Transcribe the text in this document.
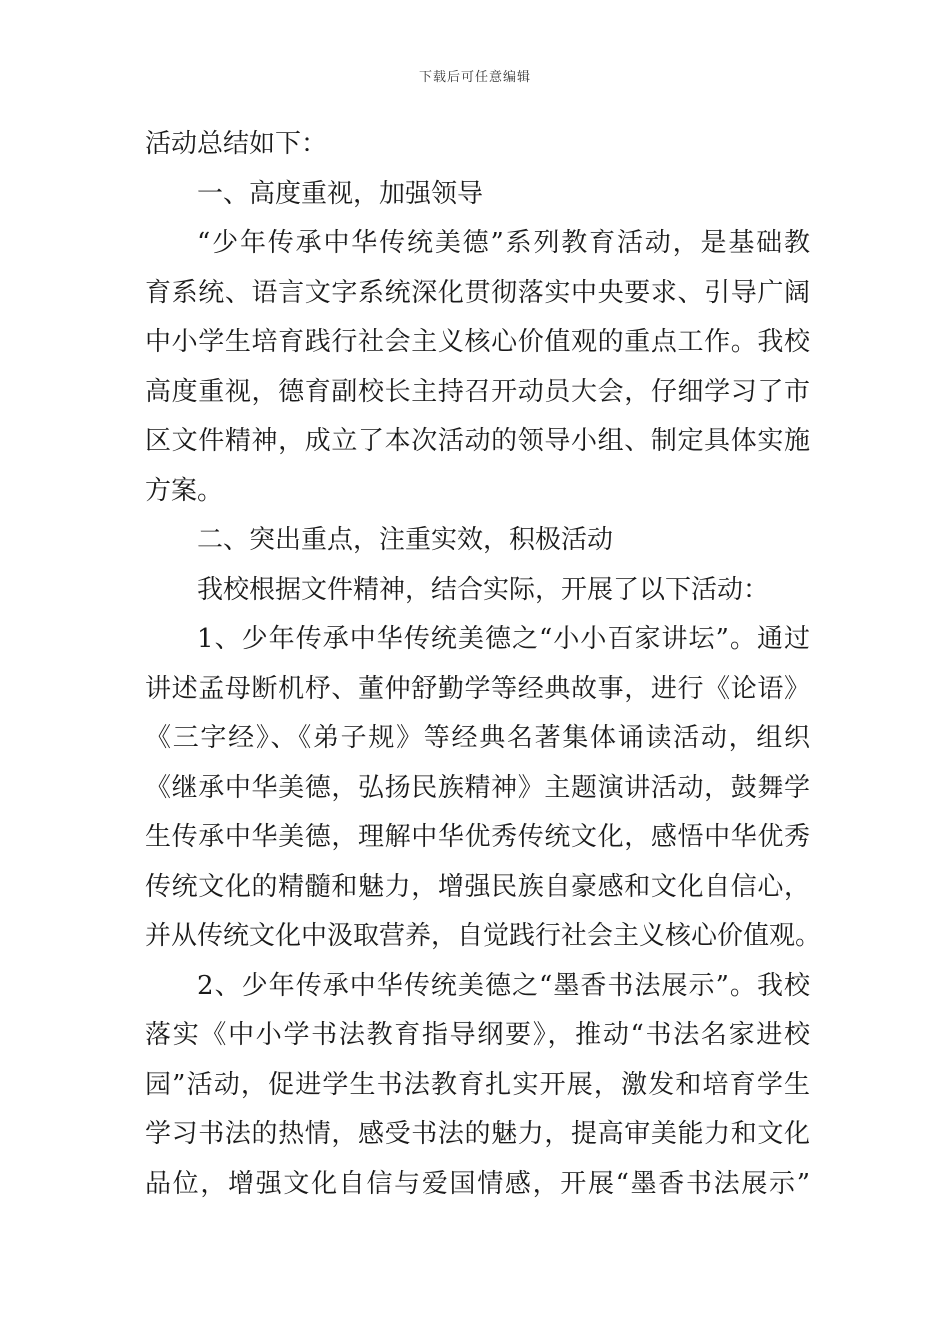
下载后可任意编辑
活动总结如下：
一、高度重视，加强领导
“少年传承中华传统美德”系列教育活动，是基础教
育系统、语言文字系统深化贯彻落实中央要求、引导广阔
中小学生培育践行社会主义核心价值观的重点工作。我校
高度重视，德育副校长主持召开动员大会，仔细学习了市
区文件精神，成立了本次活动的领导小组、制定具体实施
方案。
二、突出重点，注重实效，积极活动
我校根据文件精神，结合实际，开展了以下活动：
1、少年传承中华传统美德之“小小百家讲坛”。通过
讲述孟母断机杼、董仲舒勤学等经典故事，进行《论语》
《三字经》、《弟子规》等经典名著集体诵读活动，组织
《继承中华美德，弘扬民族精神》主题演讲活动，鼓舞学
生传承中华美德，理解中华优秀传统文化，感悟中华优秀
传统文化的精髓和魅力，增强民族自豪感和文化自信心，
并从传统文化中汲取营养，自觉践行社会主义核心价值观。
2、少年传承中华传统美德之“墨香书法展示”。我校
落实《中小学书法教育指导纲要》，推动“书法名家进校
园”活动，促进学生书法教育扎实开展，激发和培育学生
学习书法的热情，感受书法的魅力，提高审美能力和文化
品位，增强文化自信与爱国情感，开展“墨香书法展示”
